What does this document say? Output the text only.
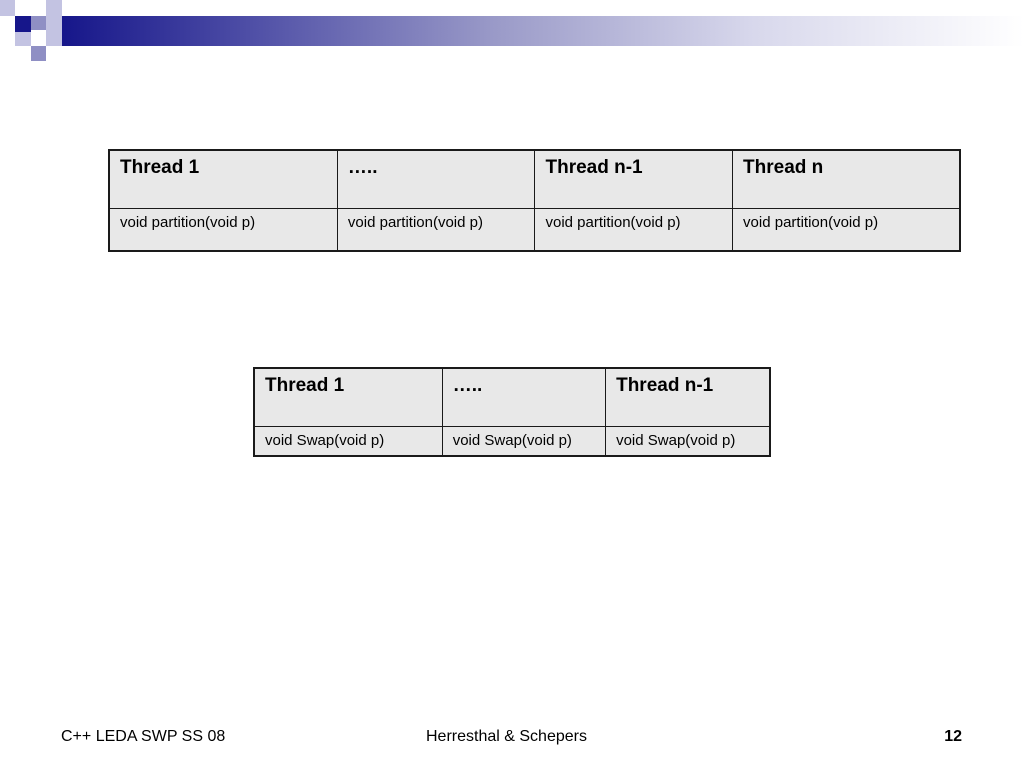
Thread 1	…..	Thread n-1	Thread n
void partition(void p)	void partition(void p)	void partition(void p)	void partition(void p)
Thread 1	…..	Thread n-1
void Swap(void p)	void Swap(void p)	void Swap(void p)
C++ LEDA SWP SS 08	Herresthal & Schepers	12
